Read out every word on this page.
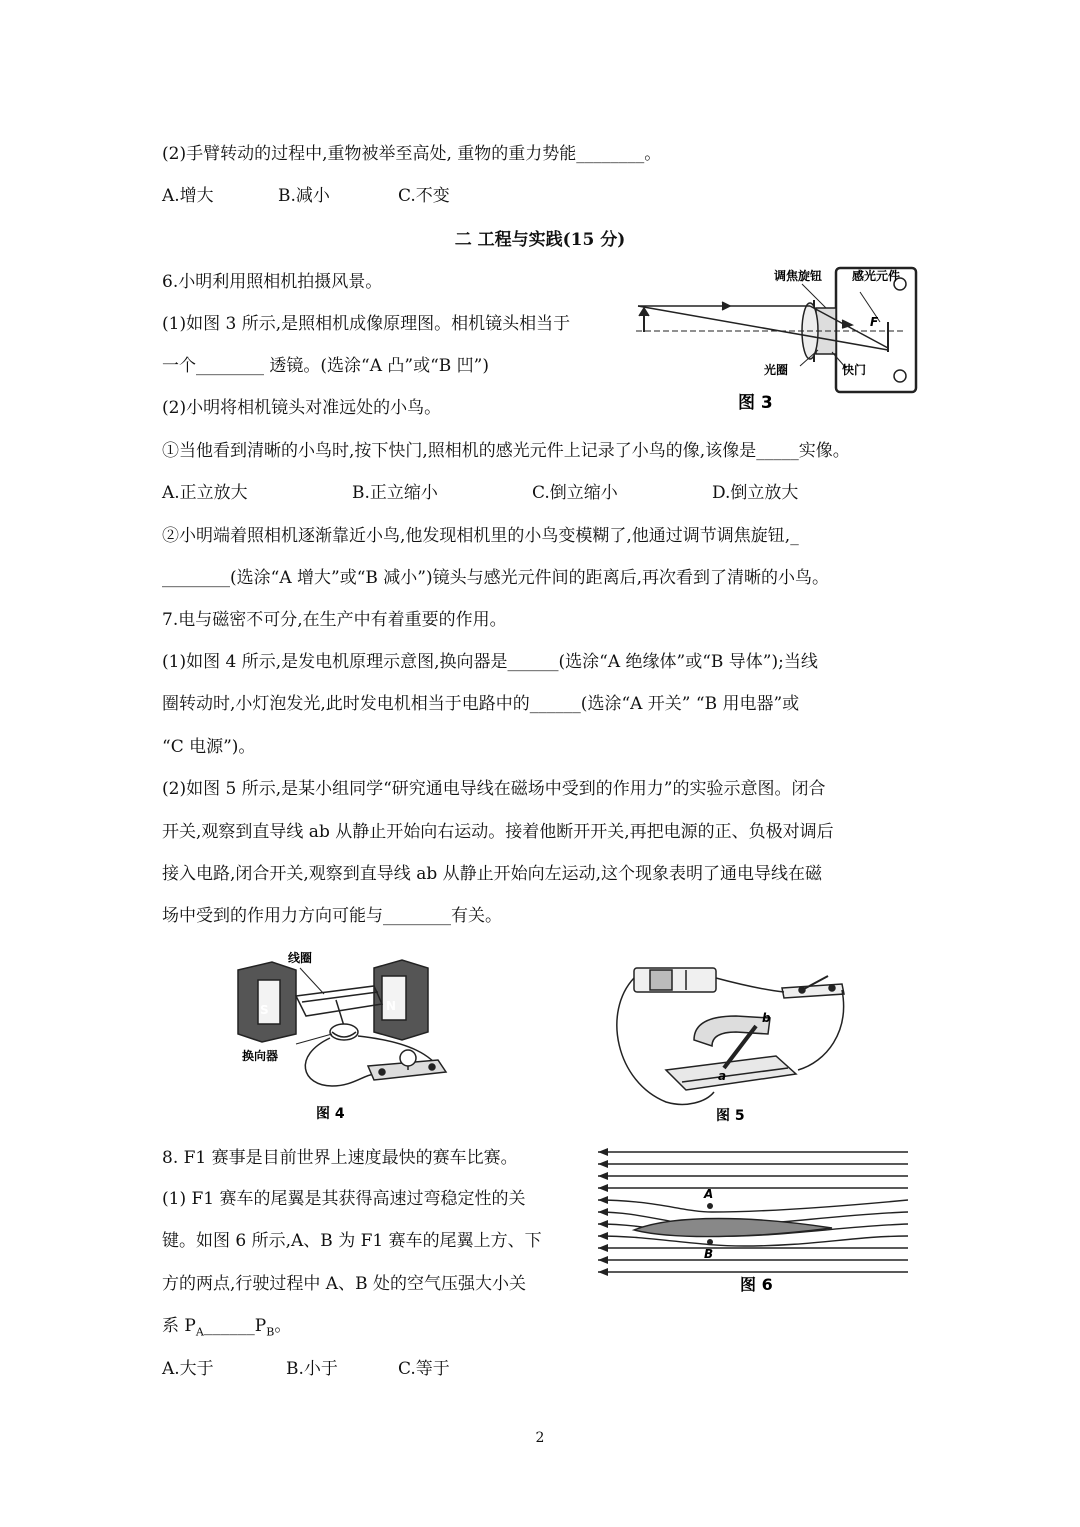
(2)手臂转动的过程中,重物被举至高处, 重物的重力势能________。
A.增大	B.减小	C.不变
二 工程与实践(15 分)
6.小明利用照相机拍摄风景。
(1)如图 3 所示,是照相机成像原理图。相机镜头相当于
一个________ 透镜。(选涂“A 凸”或“B 凹”)
(2)小明将相机镜头对准远处的小鸟。
①当他看到清晰的小鸟时,按下快门,照相机的感光元件上记录了小鸟的像,该像是_____实像。
A.正立放大	B.正立缩小	C.倒立缩小	D.倒立放大
②小明端着照相机逐渐靠近小鸟,他发现相机里的小鸟变模糊了,他通过调节调焦旋钮,_
________(选涂“A 增大”或“B 减小”)镜头与感光元件间的距离后,再次看到了清晰的小鸟。
调焦旋钮 感光元件
F
光圈	快门
图 3
7.电与磁密不可分,在生产中有着重要的作用。
(1)如图 4 所示,是发电机原理示意图,换向器是______(选涂“A 绝缘体”或“B 导体”);当线
圈转动时,小灯泡发光,此时发电机相当于电路中的______(选涂“A 开关” “B 用电器”或
“C 电源”)。
(2)如图 5 所示,是某小组同学“研究通电导线在磁场中受到的作用力”的实验示意图。闭合
开关,观察到直导线 ab 从静止开始向右运动。接着他断开开关,再把电源的正、负极对调后
接入电路,闭合开关,观察到直导线 ab 从静止开始向左运动,这个现象表明了通电导线在磁
场中受到的作用力方向可能与________有关。
S	N
线圈
换向器
图 4
b
a
图 5
8. F1 赛事是目前世界上速度最快的赛车比赛。
(1) F1 赛车的尾翼是其获得高速过弯稳定性的关
键。如图 6 所示,A、B 为 F1 赛车的尾翼上方、下
方的两点,行驶过程中 A、B 处的空气压强大小关
系 $P_A\_\_\_\_\_\_P_B$。
A.大于	B.小于	C.等于
A
B
图 6
2
